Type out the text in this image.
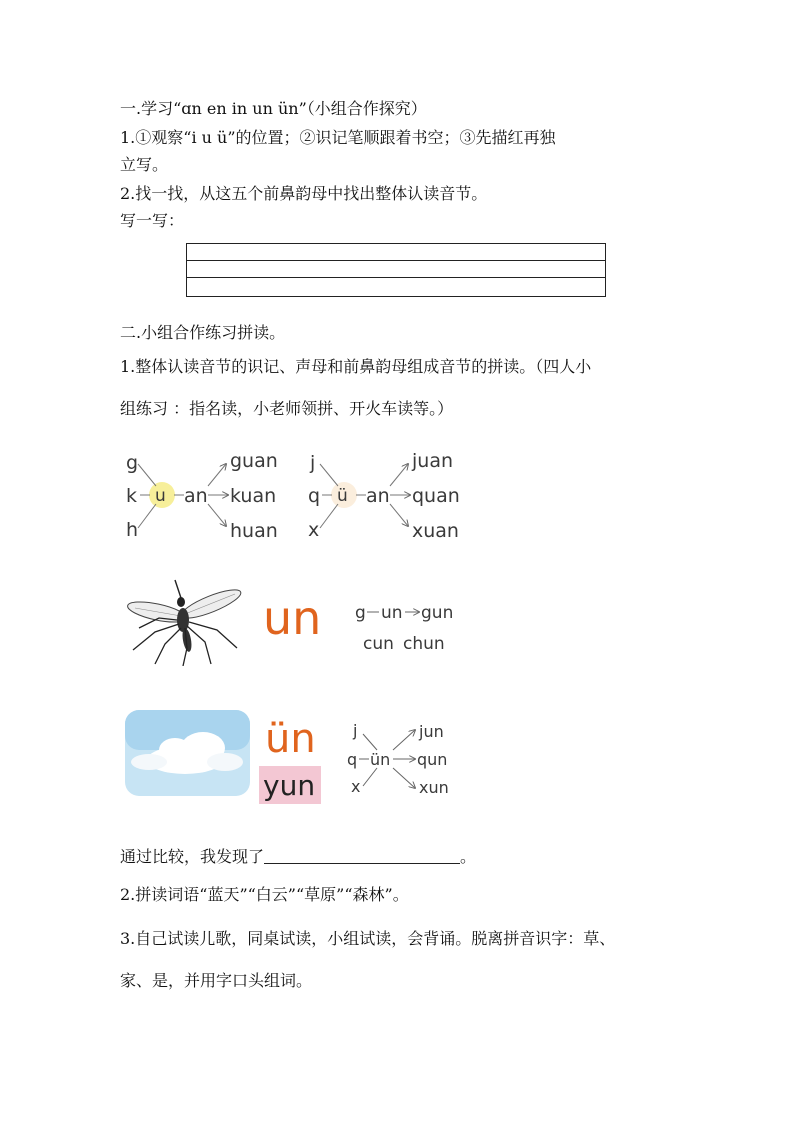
一.学习“ɑn en in un ün”（小组合作探究）
1.①观察“i u ü”的位置；②识记笔顺跟着书空；③先描红再独
立写。
2.找一找，从这五个前鼻韵母中找出整体认读音节。
写一写：
二.小组合作练习拼读。
1.整体认读音节的识记、声母和前鼻韵母组成音节的拼读。（四人小
组练习 ：指名读，小老师领拼、开火车读等。）
g
k
h
u an
guan
kuan
huan
j
q
x
ü an
juan
quan
xuan
un g un gun
cun chun
ün
yun
j
q
x
ün
jun
qun
xun
通过比较，我发现了	。
2.拼读词语“蓝天”“白云”“草原”“森林”。
3.自己试读儿歌，同桌试读，小组试读，会背诵。脱离拼音识字：草、
家、是，并用字口头组词。
